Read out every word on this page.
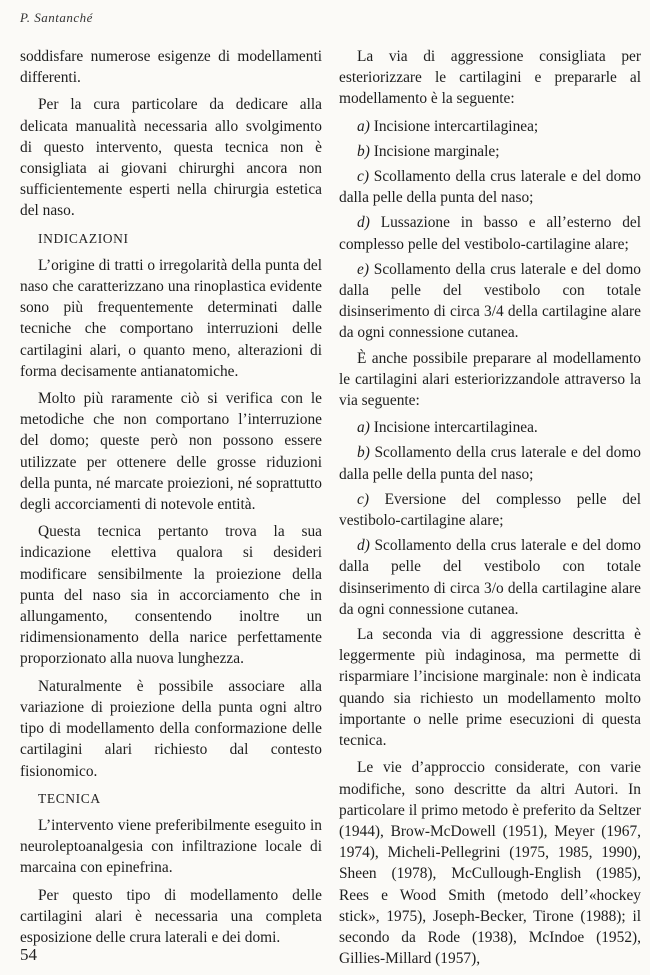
P. Santanché

soddisfare numerose esigenze di modellamenti differenti.

Per la cura particolare da dedicare alla delicata manualità necessaria allo svolgimento di questo intervento, questa tecnica non è consigliata ai giovani chirurghi ancora non sufficientemente esperti nella chirurgia estetica del naso.

INDICAZIONI

L’origine di tratti o irregolarità della punta del naso che caratterizzano una rinoplastica evidente sono più frequentemente determinati dalle tecniche che comportano interruzioni delle cartilagini alari, o quanto meno, alterazioni di forma decisamente antianatomiche.

Molto più raramente ciò si verifica con le metodiche che non comportano l’interruzione del domo; queste però non possono essere utilizzate per ottenere delle grosse riduzioni della punta, né marcate proiezioni, né soprattutto degli accorciamenti di notevole entità.

Questa tecnica pertanto trova la sua indicazione elettiva qualora si desideri modificare sensibilmente la proiezione della punta del naso sia in accorciamento che in allungamento, consentendo inoltre un ridimensionamento della narice perfettamente proporzionato alla nuova lunghezza.

Naturalmente è possibile associare alla variazione di proiezione della punta ogni altro tipo di modellamento della conformazione delle cartilagini alari richiesto dal contesto fisionomico.

TECNICA

L’intervento viene preferibilmente eseguito in neuroleptoanalgesia con infiltrazione locale di marcaina con epinefrina.

Per questo tipo di modellamento delle cartilagini alari è necessaria una completa esposizione delle crura laterali e dei domi.

La via di aggressione consigliata per esteriorizzare le cartilagini e prepararle al modellamento è la seguente:

a) Incisione intercartilaginea;

b) Incisione marginale;

c) Scollamento della crus laterale e del domo dalla pelle della punta del naso;

d) Lussazione in basso e all’esterno del complesso pelle del vestibolo-cartilagine alare;

e) Scollamento della crus laterale e del domo dalla pelle del vestibolo con totale disinserimento di circa 3/4 della cartilagine alare da ogni connessione cutanea.

È anche possibile preparare al modellamento le cartilagini alari esteriorizzandole attraverso la via seguente:

a) Incisione intercartilaginea.

b) Scollamento della crus laterale e del domo dalla pelle della punta del naso;

c) Eversione del complesso pelle del vestibolo-cartilagine alare;

d) Scollamento della crus laterale e del domo dalla pelle del vestibolo con totale disinserimento di circa 3/o della cartilagine alare da ogni connessione cutanea.

La seconda via di aggressione descritta è leggermente più indaginosa, ma permette di risparmiare l’incisione marginale: non è indicata quando sia richiesto un modellamento molto importante o nelle prime esecuzioni di questa tecnica.

Le vie d’approccio considerate, con varie modifiche, sono descritte da altri Autori. In particolare il primo metodo è preferito da Seltzer (1944), Brow-McDowell (1951), Meyer (1967, 1974), Micheli-Pellegrini (1975, 1985, 1990), Sheen (1978), McCullough-English (1985), Rees e Wood Smith (metodo dell’«hockey stick», 1975), Joseph-Becker, Tirone (1988); il secondo da Rode (1938), McIndoe (1952), Gillies-Millard (1957),

54
